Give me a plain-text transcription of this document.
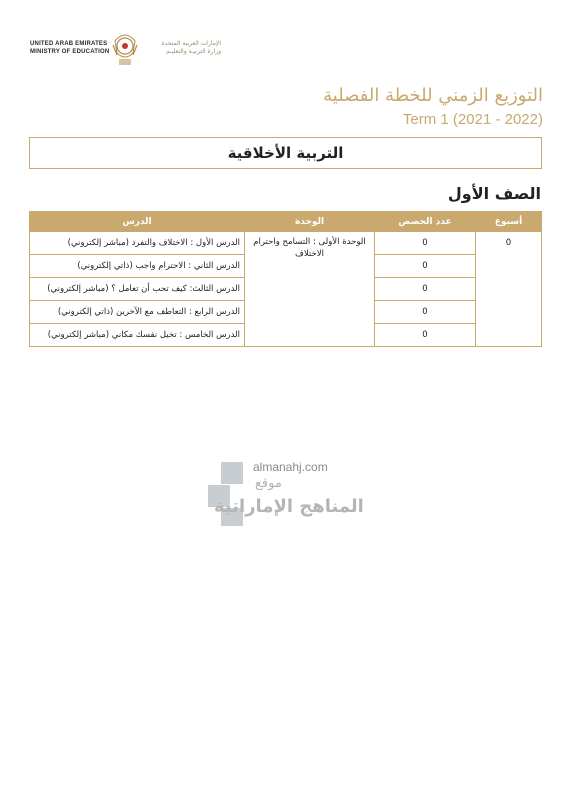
UNITED ARAB EMIRATES
MINISTRY OF EDUCATION
الإمارات العربية المتحدة
وزارة التربيـة والتعليـم
التوزيع الزمني للخطة الفصلية
Term 1 (2021 - 2022)
التربية الأخلاقية
الصف الأول
أسبوع	عدد الحصص	الوحدة	الدرس
0	0	الوحدة الأولى : التسامح واحترام الاختلاف	الدرس الأول : الاختلاف والتفرد (مباشر إلكتروني)
	0		الدرس الثاني : الاحترام واجب (ذاتي إلكتروني)
	0		الدرس الثالث: كيف تحب أن تعامل ؟ (مباشر إلكتروني)
	0		الدرس الرابع : التعاطف مع الآخرين (ذاتي إلكتروني)
	0		الدرس الخامس : تخيل نفسك مكاني (مباشر إلكتروني)
almanahj.com
موقع
المناهج الإماراتية
